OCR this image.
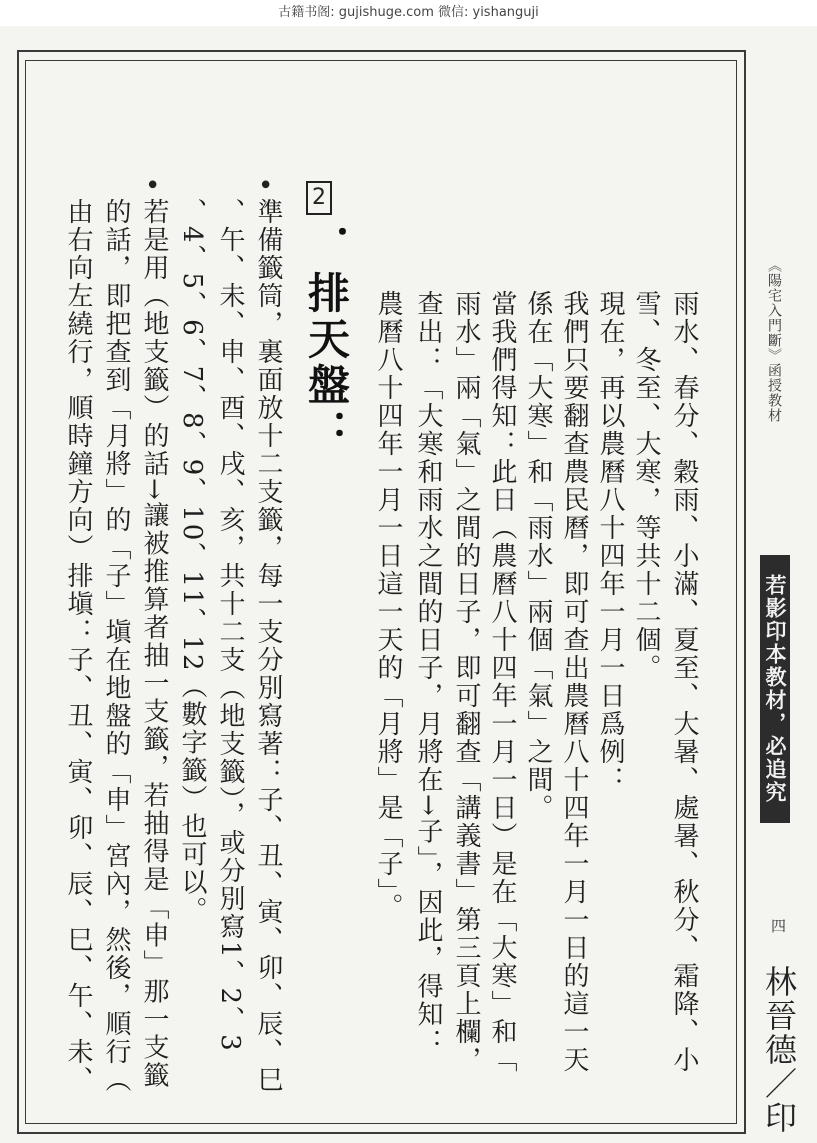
古籍书阁: gujishuge.com 微信: yishanguji
《陽宅入門斷》函授教材
若影印本教材，必追究
四
林晉德／印
雨水、春分、穀雨、小滿、夏至、大暑、處暑、秋分、霜降、小
雪、冬至、大寒，等共十二個。
現在，再以農曆八十四年一月一日爲例：
我們只要翻查農民曆，即可查出農曆八十四年一月一日的這一天
係在「大寒」和「雨水」兩個「氣」之間。
當我們得知：此日（農曆八十四年一月一日）是在「大寒」和「
雨水」兩「氣」之間的日子，即可翻查「講義書」第三頁上欄，
查出：「大寒和雨水之間的日子，月將在→子」，因此，得知：
農曆八十四年一月一日這一天的「月將」是「子」。
2
．排天盤：
•
準備籤筒，裏面放十二支籤，每一支分別寫著：子、丑、寅、卯、辰、巳
、午、未、申、酉、戌、亥，共十二支（地支籤），或分別寫1、2、3
、4、5、6、7、8、9、10、11、12（數字籤）也可以。
•
若是用（地支籤）的話→讓被推算者抽一支籤，若抽得是「申」那一支籤
的話，即把查到「月將」的「子」塡在地盤的「申」宮內，然後，順行（
由右向左繞行，順時鐘方向）排塡：子、丑、寅、卯、辰、巳、午、未、
